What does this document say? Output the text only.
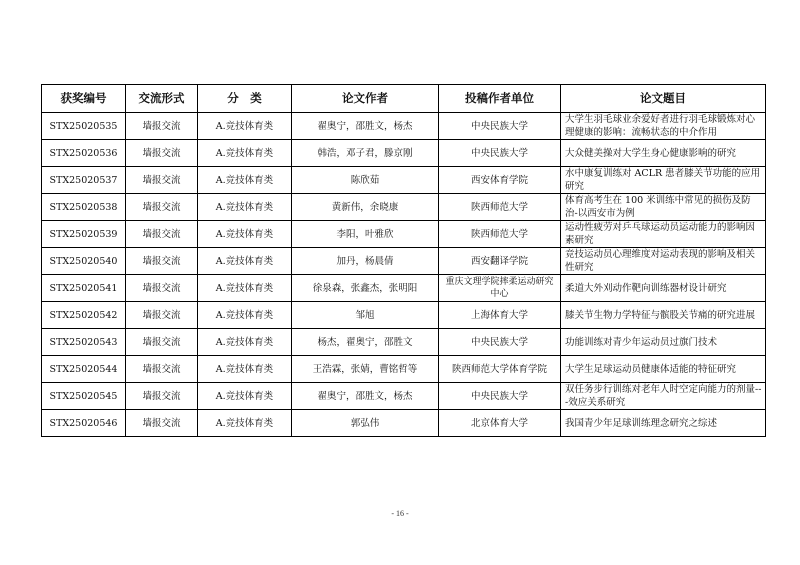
获奖编号	交流形式	分　类	论文作者	投稿作者单位	论文题目
STX25020535	墙报交流	A.竞技体育类	翟奥宁，邵胜文，杨杰	中央民族大学	大学生羽毛球业余爱好者进行羽毛球锻炼对心理健康的影响：流畅状态的中介作用
STX25020536	墙报交流	A.竞技体育类	韩浩，邓子君，滕京刚	中央民族大学	大众健美操对大学生身心健康影响的研究
STX25020537	墙报交流	A.竞技体育类	陈欣茹	西安体育学院	水中康复训练对 ACLR 患者膝关节功能的应用研究
STX25020538	墙报交流	A.竞技体育类	黄新伟，余晓康	陕西师范大学	体育高考生在 100 米训练中常见的损伤及防治-以西安市为例
STX25020539	墙报交流	A.竞技体育类	李阳，叶雅欣	陕西师范大学	运动性疲劳对乒乓球运动员运动能力的影响因素研究
STX25020540	墙报交流	A.竞技体育类	加丹，杨晨倩	西安翻译学院	竞技运动员心理维度对运动表现的影响及相关性研究
STX25020541	墙报交流	A.竞技体育类	徐泉森，张鑫杰，张明阳	重庆文理学院摔柔运动研究中心	柔道大外刈动作靶向训练器材设计研究
STX25020542	墙报交流	A.竞技体育类	邹旭	上海体育大学	膝关节生物力学特征与髌股关节痛的研究进展
STX25020543	墙报交流	A.竞技体育类	杨杰，翟奥宁，邵胜文	中央民族大学	功能训练对青少年运动员过旗门技术
STX25020544	墙报交流	A.竞技体育类	王浩霖，张婧，曹铭哲等	陕西师范大学体育学院	大学生足球运动员健康体适能的特征研究
STX25020545	墙报交流	A.竞技体育类	翟奥宁，邵胜文，杨杰	中央民族大学	双任务步行训练对老年人时空定向能力的剂量---效应关系研究
STX25020546	墙报交流	A.竞技体育类	郭弘伟	北京体育大学	我国青少年足球训练理念研究之综述
- 16 -
